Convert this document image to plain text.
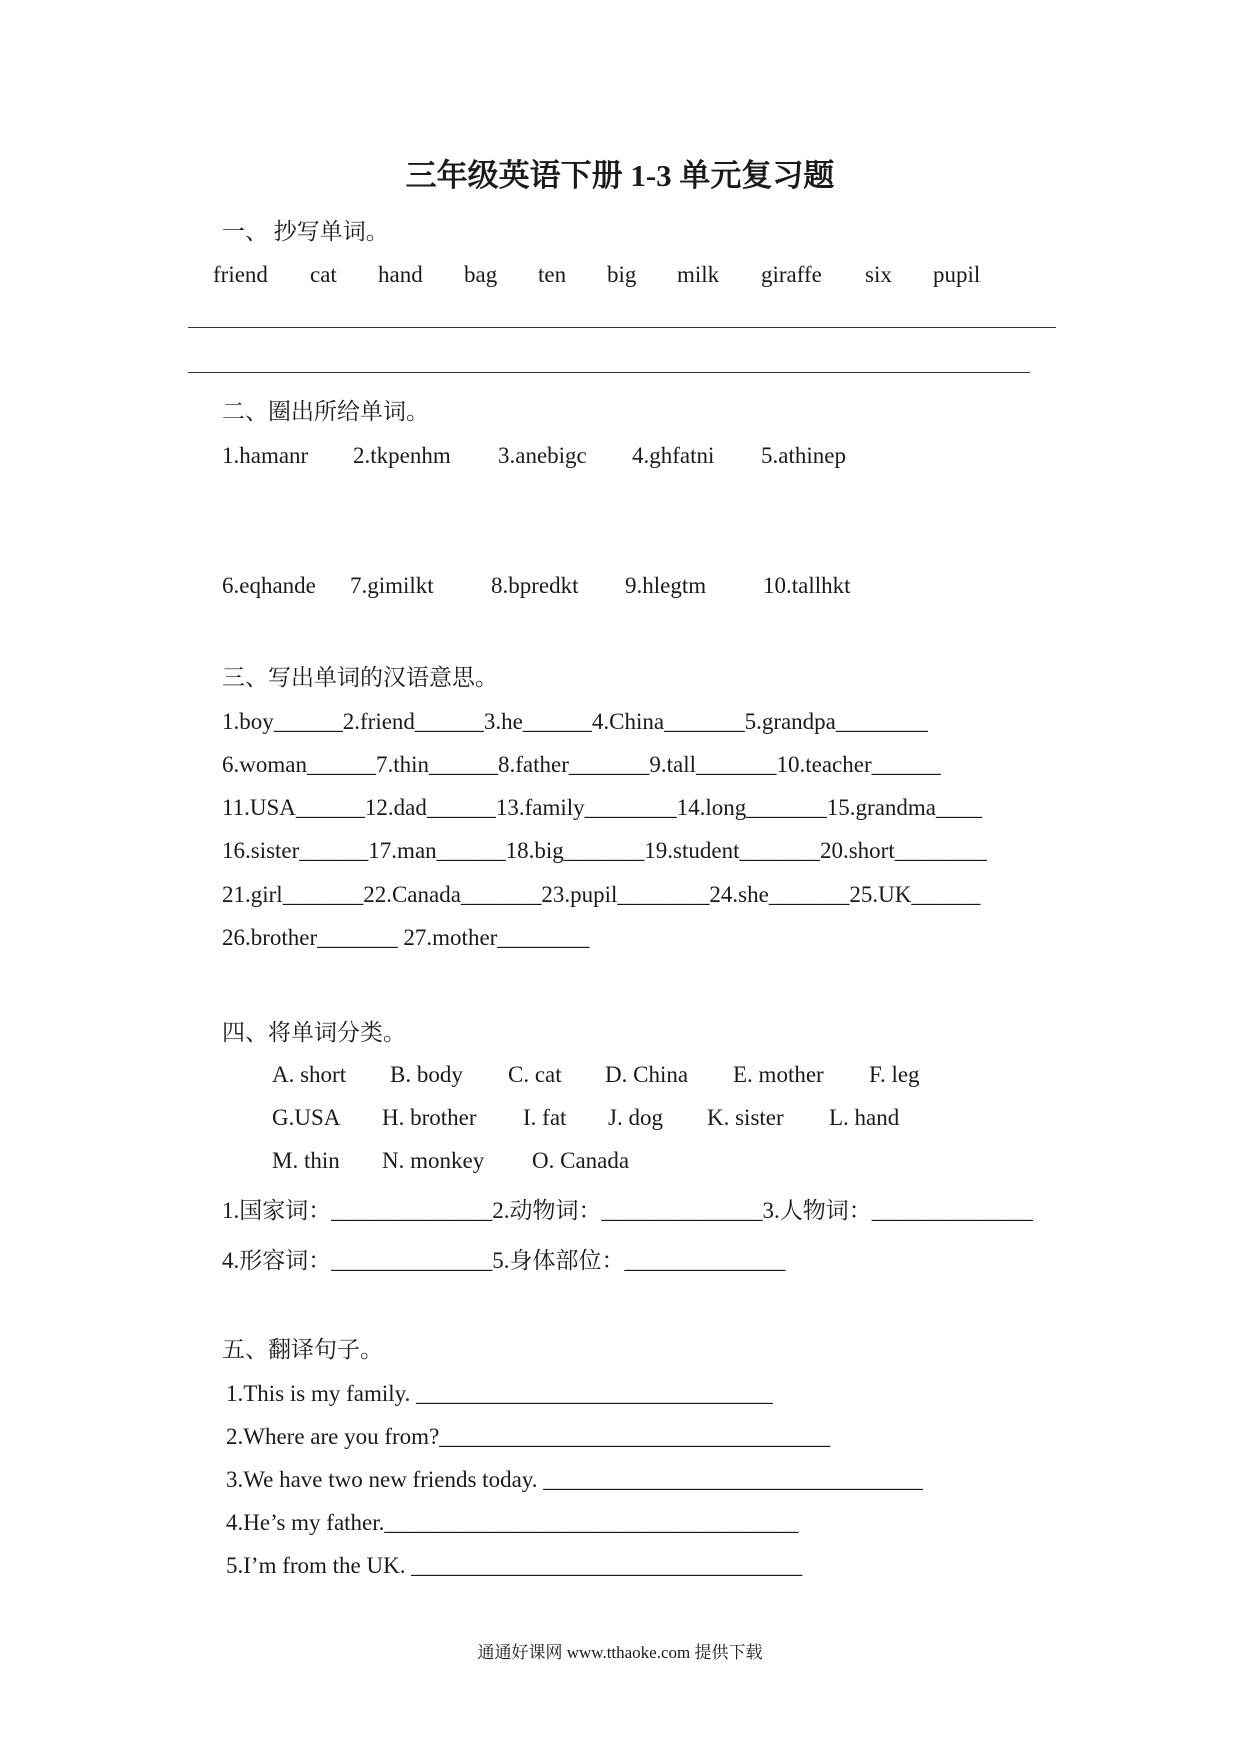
三年级英语下册 1-3 单元复习题
一、 抄写单词。
friend cat hand bag ten big milk giraffe six pupil
二、圈出所给单词。
1.hamanr 2.tkpenhm 3.anebigc 4.ghfatni 5.athinep
6.eqhande 7.gimilkt 8.bpredkt 9.hlegtm 10.tallhkt
三、写出单词的汉语意思。
1.boy______2.friend______3.he______4.China_______5.grandpa________
6.woman______7.thin______8.father_______9.tall_______10.teacher______
11.USA______12.dad______13.family________14.long_______15.grandma____
16.sister______17.man______18.big_______19.student_______20.short________
21.girl_______22.Canada_______23.pupil________24.she_______25.UK______
26.brother_______ 27.mother________
四、将单词分类。
A. short B. body C. cat D. China E. mother F. leg
G.USA H. brother I. fat J. dog K. sister L. hand
M. thin N. monkey O. Canada
1.国家词：______________2.动物词：______________3.人物词：______________
4.形容词：______________5.身体部位：______________
五、翻译句子。
1.This is my family. _______________________________
2.Where are you from?__________________________________
3.We have two new friends today. _________________________________
4.He’s my father.____________________________________
5.I’m from the UK. __________________________________
通通好课网 www.tthaoke.com 提供下载
